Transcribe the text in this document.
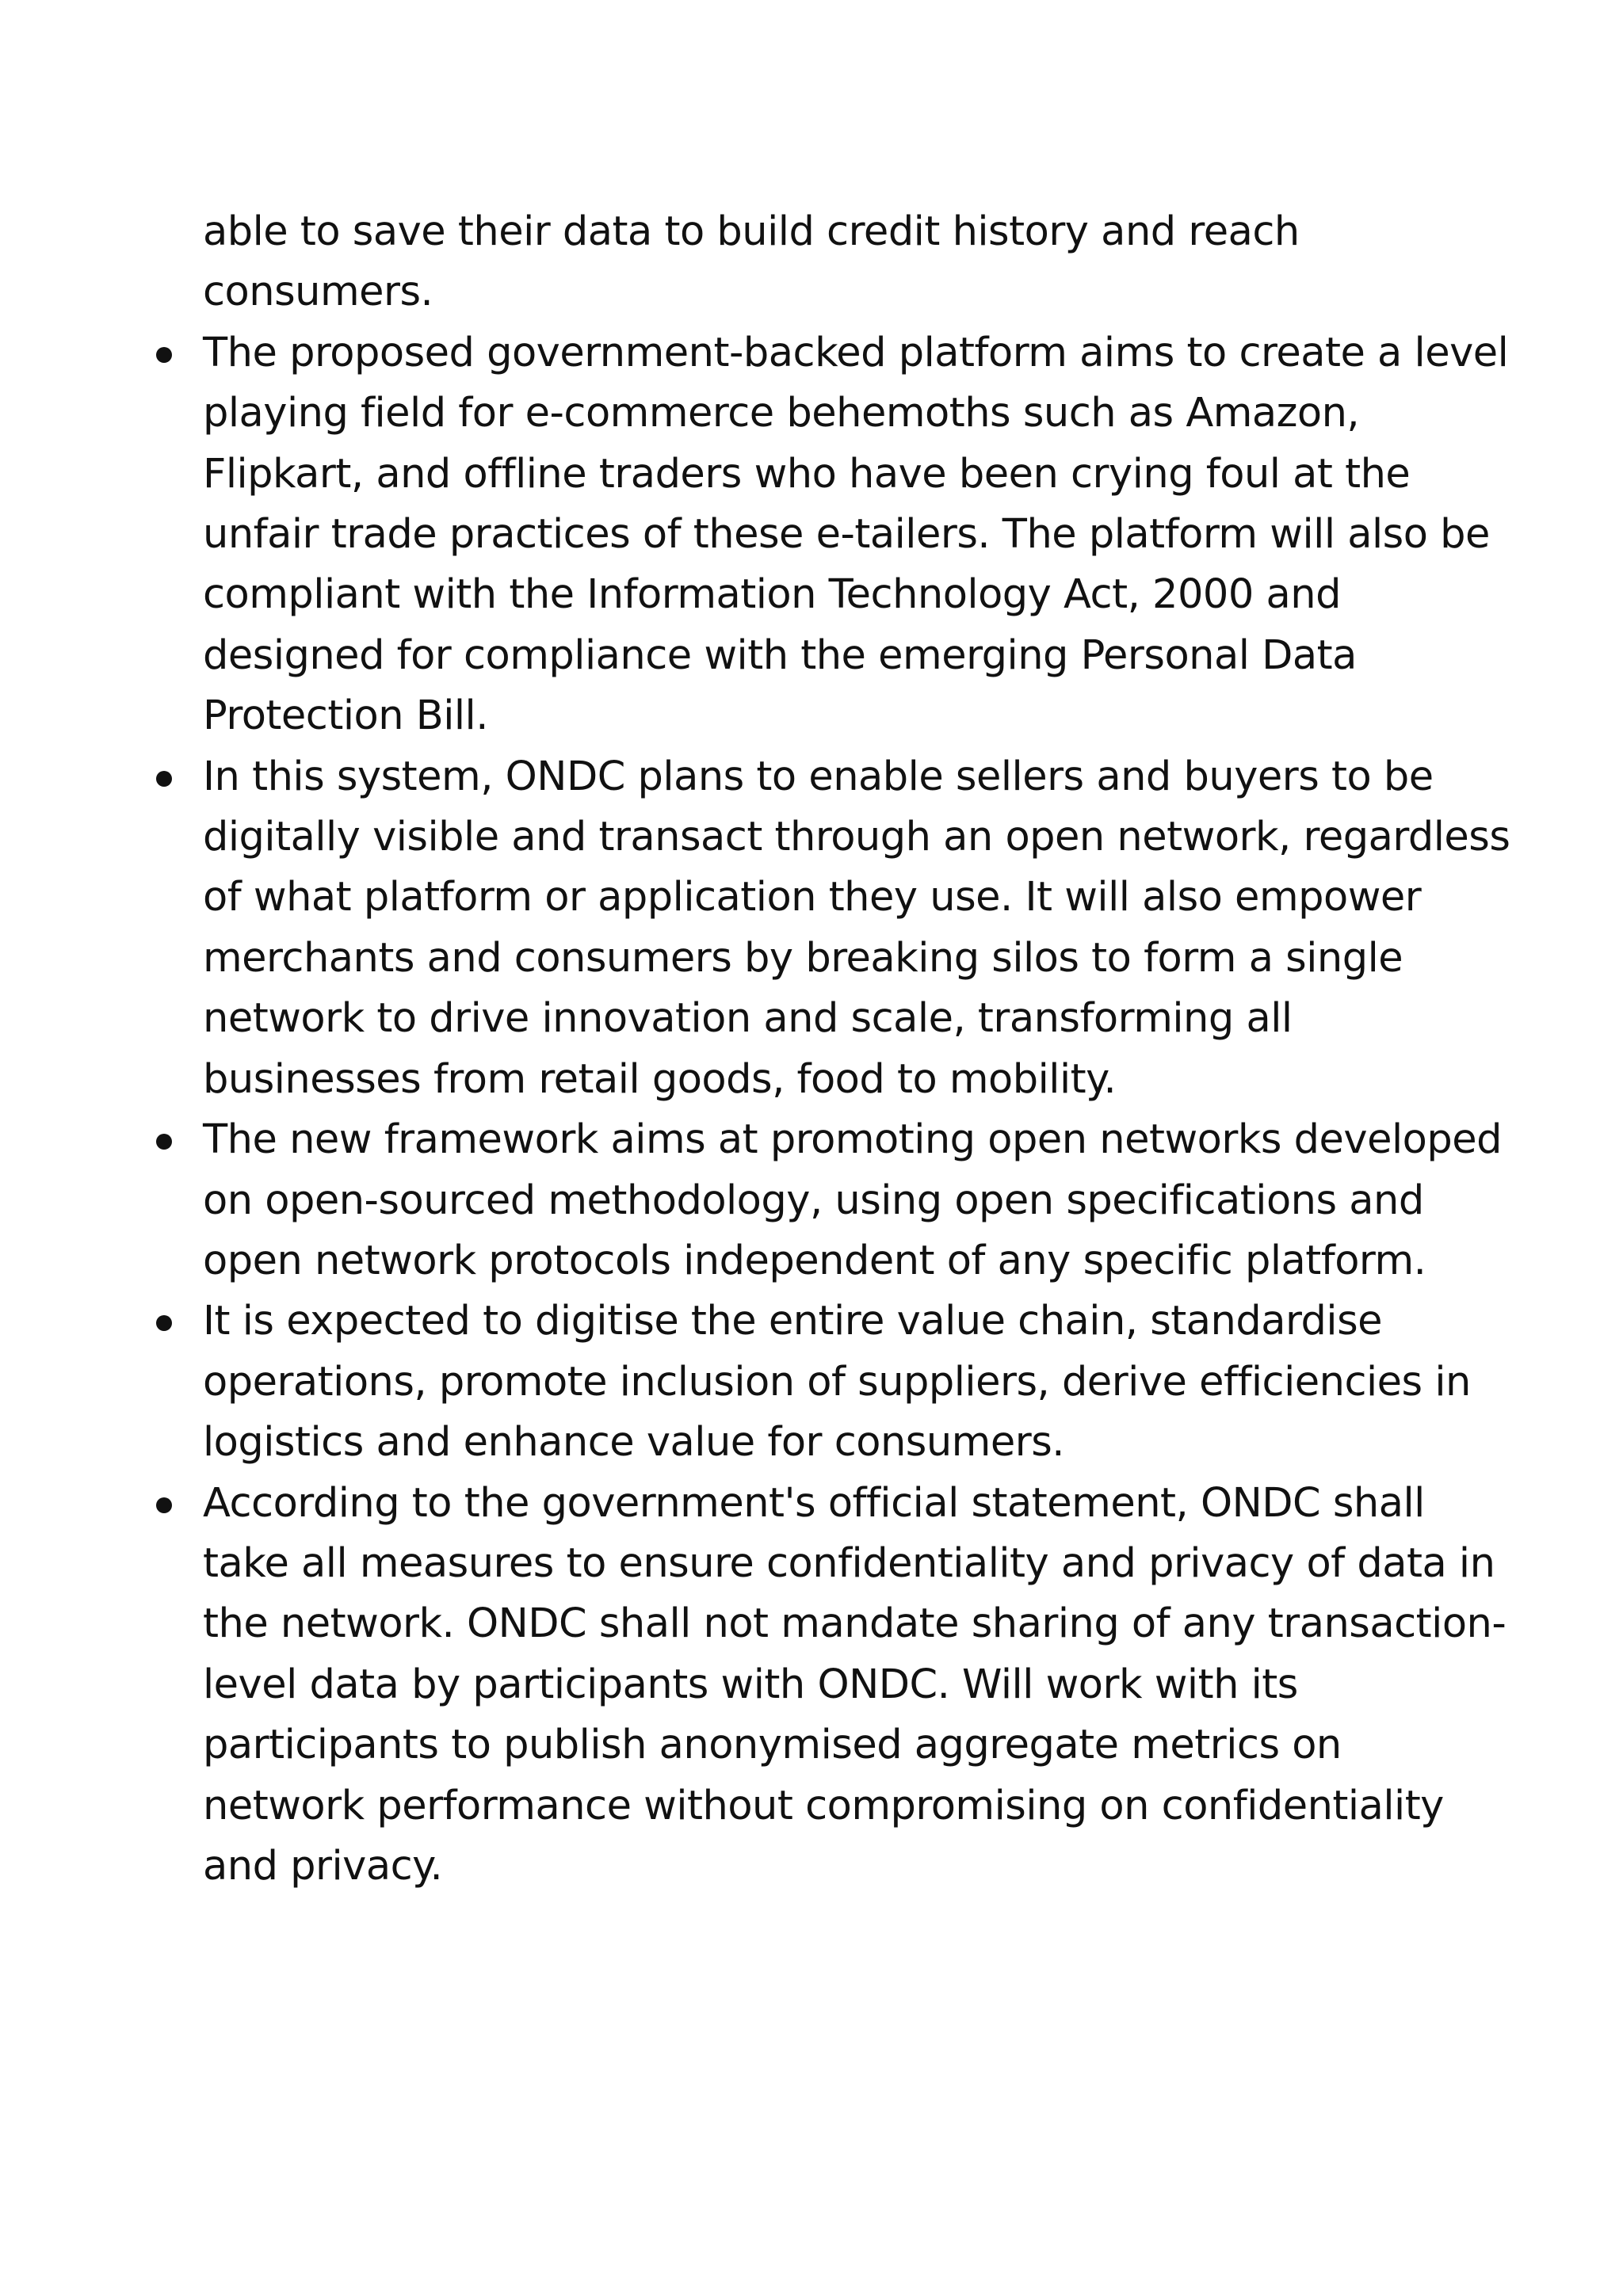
able to save their data to build credit history and reach consumers.

The proposed government-backed platform aims to create a level playing field for e-commerce behemoths such as Amazon, Flipkart, and offline traders who have been crying foul at the unfair trade practices of these e-tailers. The platform will also be compliant with the Information Technology Act, 2000 and designed for compliance with the emerging Personal Data Protection Bill.
In this system, ONDC plans to enable sellers and buyers to be digitally visible and transact through an open network, regardless of what platform or application they use. It will also empower merchants and consumers by breaking silos to form a single network to drive innovation and scale, transforming all businesses from retail goods, food to mobility.
The new framework aims at promoting open networks developed on open-sourced methodology, using open specifications and open network protocols independent of any specific platform.
It is expected to digitise the entire value chain, standardise operations, promote inclusion of suppliers, derive efficiencies in logistics and enhance value for consumers.
According to the government's official statement, ONDC shall take all measures to ensure confidentiality and privacy of data in the network. ONDC shall not mandate sharing of any transaction-level data by participants with ONDC. Will work with its participants to publish anonymised aggregate metrics on network performance without compromising on confidentiality and privacy.
